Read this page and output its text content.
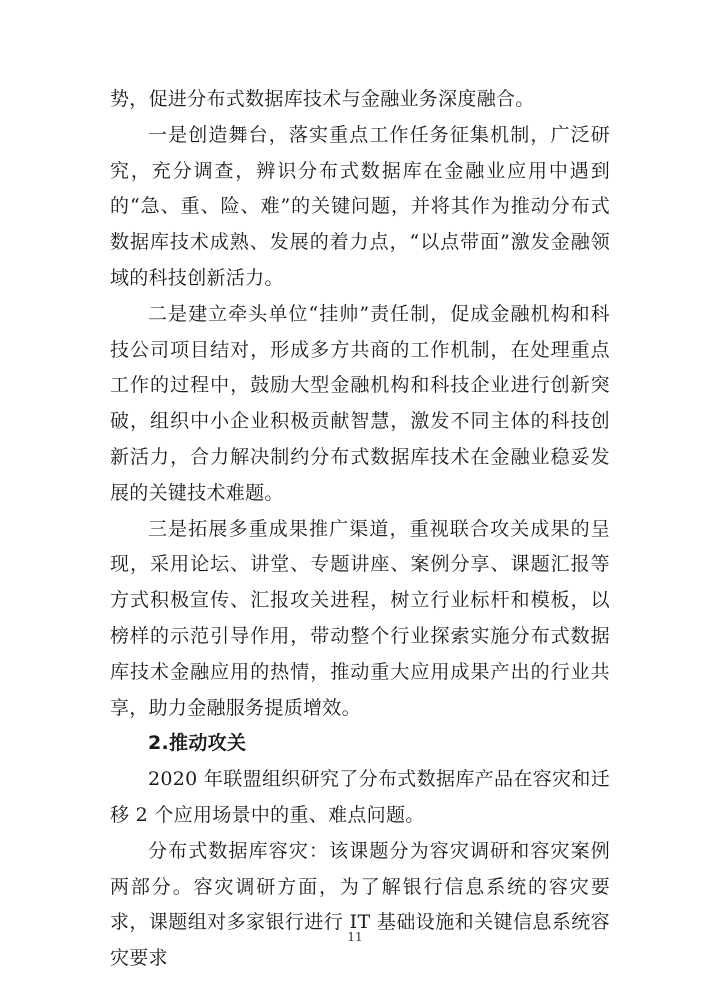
势，促进分布式数据库技术与金融业务深度融合。

一是创造舞台，落实重点工作任务征集机制，广泛研究，充分调查，辨识分布式数据库在金融业应用中遇到的“急、重、险、难”的关键问题，并将其作为推动分布式数据库技术成熟、发展的着力点，“以点带面”激发金融领域的科技创新活力。

二是建立牵头单位“挂帅”责任制，促成金融机构和科技公司项目结对，形成多方共商的工作机制，在处理重点工作的过程中，鼓励大型金融机构和科技企业进行创新突破，组织中小企业积极贡献智慧，激发不同主体的科技创新活力，合力解决制约分布式数据库技术在金融业稳妥发展的关键技术难题。

三是拓展多重成果推广渠道，重视联合攻关成果的呈现，采用论坛、讲堂、专题讲座、案例分享、课题汇报等方式积极宣传、汇报攻关进程，树立行业标杆和模板，以榜样的示范引导作用，带动整个行业探索实施分布式数据库技术金融应用的热情，推动重大应用成果产出的行业共享，助力金融服务提质增效。

2.推动攻关

2020 年联盟组织研究了分布式数据库产品在容灾和迁移 2 个应用场景中的重、难点问题。

分布式数据库容灾：该课题分为容灾调研和容灾案例两部分。容灾调研方面，为了解银行信息系统的容灾要求，课题组对多家银行进行 IT 基础设施和关键信息系统容灾要求

11
